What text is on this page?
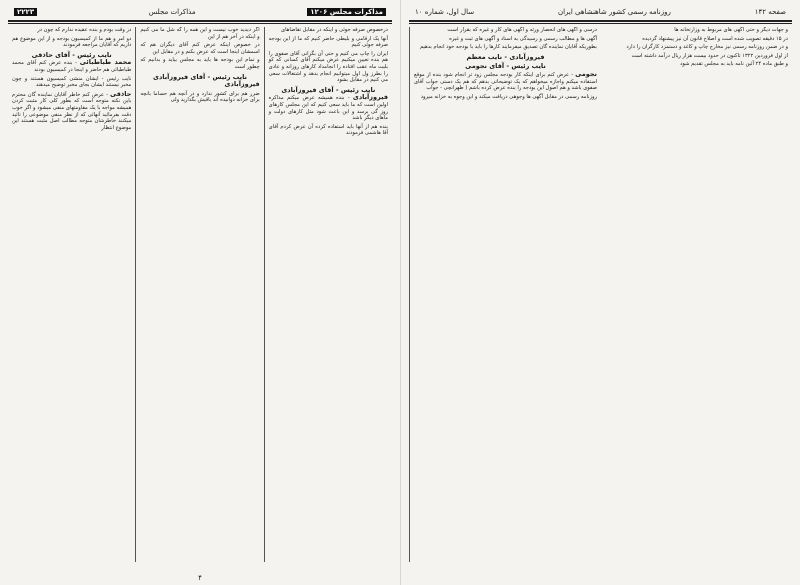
مذاکرات مجلس ۱۲۰۶
مذاکرات مجلس
۲۲۲۳

درخصوص صرفه جوئی و اینکه در مقابل تقاضاهای

آنها یک ارقامی و بلیطی حاضر کنیم که ما از این بودجه صرفه جوئی کنیم

ایران را چاپ می کنیم و حتی آن بگرانی آقای صفوی را هم بنده تعیین میکنیم عرض میکنم آقای کسانی که کو بلیت ماه عقب افتاده را انجامداد کارهای روزانه و عادی را بطرز ول اول میتوانیم انجام بدهد و اشتغالات سعی می کنیم در مقابل بشود

نایب رئیس - آقای فیروزآبادی

فیروزآبادی - بنده همیشه عرض میکنم مذاکره اولین است که ما باید سعی کنیم که این مجلس کارهای روز گی برسد و این باعث شود مثل کارهای دولت و ماهای دیگر باشد

بنده هم از آنها باید استفاده کرده آن عرض کردم آقای آقا هاشمی فرمودند

اگر دیدید خوب نیست و این همه را گه شل ما می کنیم و اینکه در آخر هم از این

در خصوص اینکه عرض کنم آقای دیگران هم که اسمشان اینجا است که عرض بکنم و در مقابل این

و تمام این بودجه ها باید به مجلس بیاید و بدانیم که چطور است

نایب رئیس - آقای فیروزآبادی

فیروزآبادی

ضرر هم برای کشور ندارد و در آنچه هم حساما بانچه برای خزانه دوانیده اند باقیش بگذارید ولی

در وقت بودم و بنده عقیده ندارم که چون در

دو امر و هم ما از کمیسیون بودجه و از این موضوع هم داریم که آقایان مراجعه فرمودند

نایب رئیس - آقای حاذقی

محمد طباطبائی - بنده عرض کنم آقای محمد طباطبائی هم حاضر و اینجا در کمیسیون بودند

نایب رئیس - ایشان منشی کمیسیون هستند و چون مخبر نیستند ایشان بجای مخبر توضیح میدهند

حاذقی - عرض کنم خاطر آقایان نماینده گان محترم باین نکته متوجه است که بطور کلی کار مثبت کردن همیشه مواجه با یک مقاومتهای منفی میشود و اگر خوب دقت بفرمائید آنهائی که از نظر منفی موضوعی را تائید میکنند خاطرشان متوجه مطالب اصل مثبت هستند این موضوع انتظار

۴
صفحه ۱۴۲
روزنامه رسمی کشور شاهنشاهی ایران
سال اول، شماره ۱۰

درسی و آگهی های انحصار ورثه و آگهی های کار و غیره که بقرار است

آگهی ها و مطالب رسمی و رسیدگی به اسناد و آگهی های ثبت و غیره

بطوریکه آقایان نماینده گان تصدیق میفرمایند کارها را باید با بودجه خود انجام بدهیم

فیروزآبادی - نایب معظم
نایب رئیس - آقای نجومی

نجومی - عرض کنم برای اینکه کار بودجه مجلس زود تر انجام شود بنده از موقع استفاده میکنم واجازه میخواهم که یک توضیحاتی بدهم که هم یک دستی جواب آقای صفوی باشد و هم اصول این بودجه را بنده عرض کرده باشم ( طهرانچی - جواب

روزنامه رسمی در مقابل آگهی ها وجوهی دریافت میکند و این وجوه به خزانه میرود

و جهات دیگر و حتی آگهی های مربوط به وزارتخانه ها

در ۱۵ دقیقه تصویب شده است و اصلاح قانون آن نیز پیشنهاد گردیده

و در ضمن روزنامه رسمی نیز مخارج چاپ و کاغذ و دستمزد کارگران را دارد

از اول فروردین ۱۳۲۲ تاکنون در حدود بیست هزار ریال درآمد داشته است

و طبق ماده ۲۴ آئین نامه باید به مجلس تقدیم شود
